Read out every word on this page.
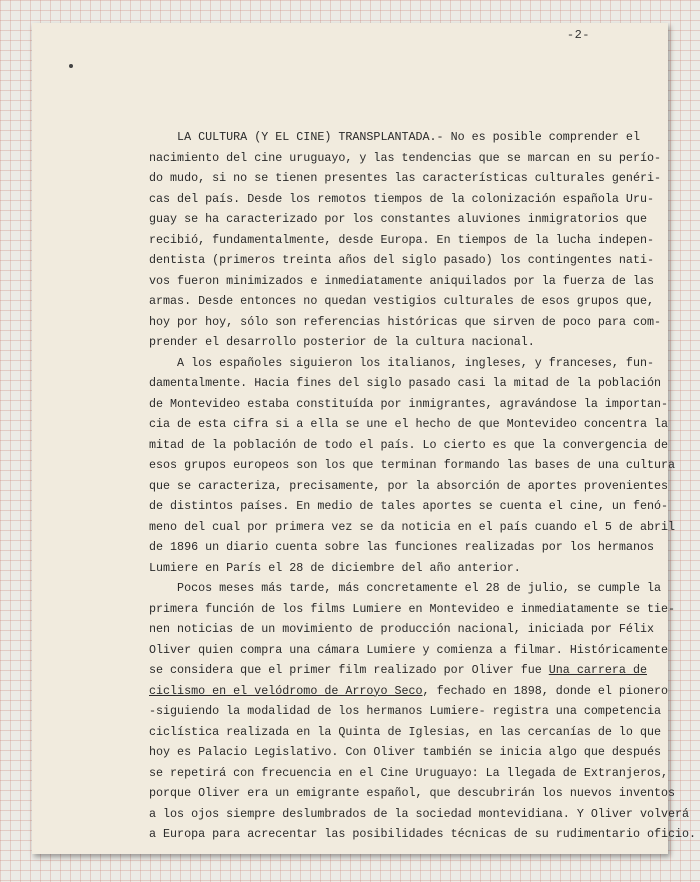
-2-
LA CULTURA (Y EL CINE) TRANSPLANTADA.- No es posible comprender el
nacimiento del cine uruguayo, y las tendencias que se marcan en su perío-
do mudo, si no se tienen presentes las características culturales genéri-
cas del país. Desde los remotos tiempos de la colonización española Uru-
guay se ha caracterizado por los constantes aluviones inmigratorios que
recibió, fundamentalmente, desde Europa. En tiempos de la lucha indepen-
dentista (primeros treinta años del siglo pasado) los contingentes nati-
vos fueron minimizados e inmediatamente aniquilados por la fuerza de las
armas. Desde entonces no quedan vestigios culturales de esos grupos que,
hoy por hoy, sólo son referencias históricas que sirven de poco para com-
prender el desarrollo posterior de la cultura nacional.
A los españoles siguieron los italianos, ingleses, y franceses, fun-
damentalmente. Hacia fines del siglo pasado casi la mitad de la población
de Montevideo estaba constituída por inmigrantes, agravándose la importan-
cia de esta cifra si a ella se une el hecho de que Montevideo concentra la
mitad de la población de todo el país. Lo cierto es que la convergencia de
esos grupos europeos son los que terminan formando las bases de una cultura
que se caracteriza, precisamente, por la absorción de aportes provenientes
de distintos países. En medio de tales aportes se cuenta el cine, un fenó-
meno del cual por primera vez se da noticia en el país cuando el 5 de abril
de 1896 un diario cuenta sobre las funciones realizadas por los hermanos
Lumiere en París el 28 de diciembre del año anterior.
Pocos meses más tarde, más concretamente el 28 de julio, se cumple la
primera función de los films Lumiere en Montevideo e inmediatamente se tie-
nen noticias de un movimiento de producción nacional, iniciada por Félix
Oliver quien compra una cámara Lumiere y comienza a filmar. Históricamente
se considera que el primer film realizado por Oliver fue Una carrera de
ciclismo en el velódromo de Arroyo Seco, fechado en 1898, donde el pionero
-siguiendo la modalidad de los hermanos Lumiere- registra una competencia
ciclística realizada en la Quinta de Iglesias, en las cercanías de lo que
hoy es Palacio Legislativo. Con Oliver también se inicia algo que después
se repetirá con frecuencia en el Cine Uruguayo: La llegada de Extranjeros,
porque Oliver era un emigrante español, que descubrirán los nuevos inventos
a los ojos siempre deslumbrados de la sociedad montevidiana. Y Oliver volverá
a Europa para acrecentar las posibilidades técnicas de su rudimentario oficio.
